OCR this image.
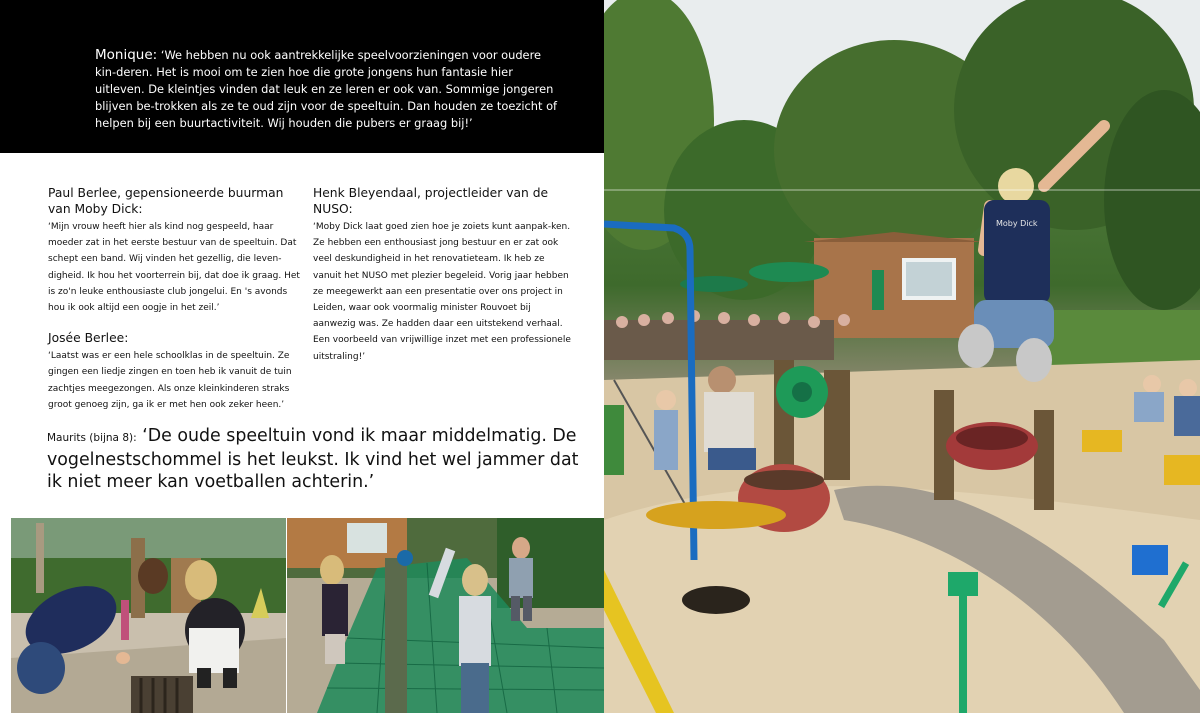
Monique: ‘We hebben nu ook aantrekkelijke speelvoorzieningen voor oudere kin-deren. Het is mooi om te zien hoe die grote jongens hun fantasie hier uitleven. De kleintjes vinden dat leuk en ze leren er ook van. Sommige jongeren blijven be-trokken als ze te oud zijn voor de speeltuin. Dan houden ze toezicht of helpen bij een buurtactiviteit. Wij houden die pubers er graag bij!’
Paul Berlee, gepensioneerde buurman van Moby Dick:
‘Mijn vrouw heeft hier als kind nog gespeeld, haar moeder zat in het eerste bestuur van de speeltuin. Dat schept een band. Wij vinden het gezellig, die leven-digheid. Ik hou het voorterrein bij, dat doe ik graag. Het is zo'n leuke enthousiaste club jongelui. En 's avonds hou ik ook altijd een oogje in het zeil.’
Josée Berlee:
‘Laatst was er een hele schoolklas in de speeltuin. Ze gingen een liedje zingen en toen heb ik vanuit de tuin zachtjes meegezongen. Als onze kleinkinderen straks groot genoeg zijn, ga ik er met hen ook zeker heen.’
Henk Bleyendaal, projectleider van de NUSO:
‘Moby Dick laat goed zien hoe je zoiets kunt aanpak-ken. Ze hebben een enthousiast jong bestuur en er zat ook veel deskundigheid in het renovatieteam. Ik heb ze vanuit het NUSO met plezier begeleid. Vorig jaar hebben ze meegewerkt aan een presentatie over ons project in Leiden, waar ook voormalig minister Rouvoet bij aanwezig was. Ze hadden daar een uitstekend verhaal. Een voorbeeld van vrijwillige inzet met een professionele uitstraling!’
Maurits (bijna 8): ‘De oude speeltuin vond ik maar middelmatig. De vogelnestschommel is het leukst. Ik vind het wel jammer dat ik niet meer kan voetballen achterin.’
Moby Dick
